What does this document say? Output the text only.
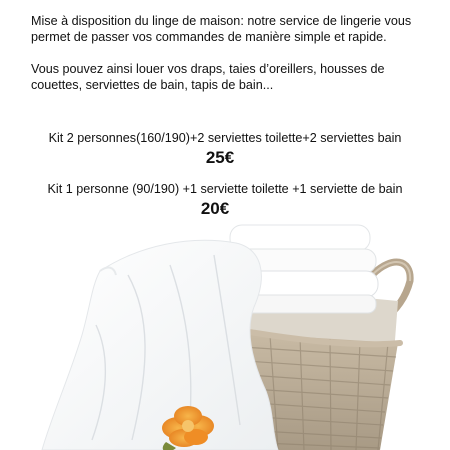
Mise à disposition du linge de maison: notre service de lingerie vous permet de passer vos commandes de manière simple et rapide.

Vous pouvez ainsi louer vos draps, taies d’oreillers, housses de couettes, serviettes de bain, tapis de bain...

Kit 2 personnes(160/190)+2 serviettes toilette+2 serviettes bain
25€
Kit 1 personne (90/190) +1 serviette toilette +1 serviette de bain
20€
